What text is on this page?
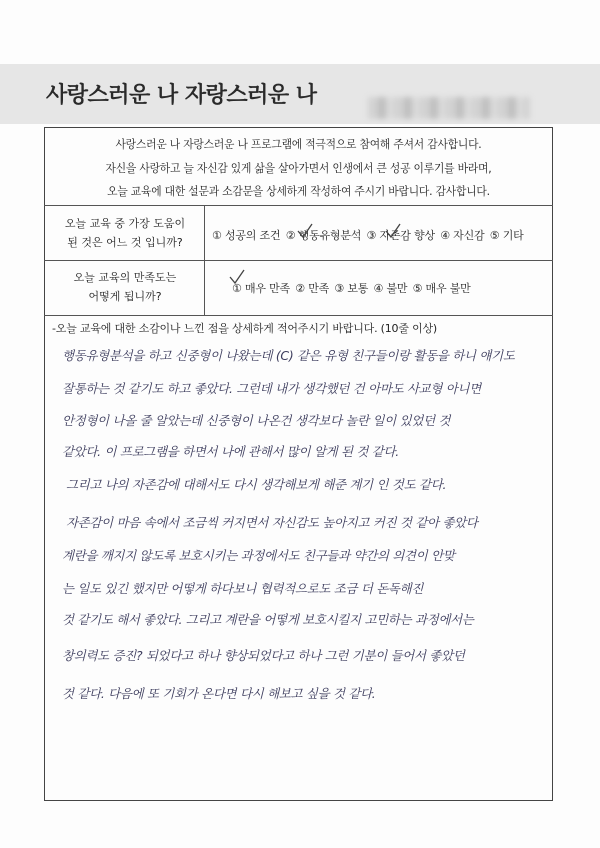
사랑스러운 나 자랑스러운 나
사랑스러운 나 자랑스러운 나 프로그램에 적극적으로 참여해 주셔서 감사합니다.
자신을 사랑하고 늘 자신감 있게 삶을 살아가면서 인생에서 큰 성공 이루기를 바라며,
오늘 교육에 대한 설문과 소감문을 상세하게 작성하여 주시기 바랍니다. 감사합니다.
오늘 교육 중 가장 도움이
된 것은 어느 것 입니까?
① 성공의 조건 ② 행동유형분석 ③ 자존감 향상 ④ 자신감 ⑤ 기타
오늘 교육의 만족도는
어떻게 됩니까?
① 매우 만족 ② 만족 ③ 보통 ④ 불만 ⑤ 매우 불만
-오늘 교육에 대한 소감이나 느낀 점을 상세하게 적어주시기 바랍니다. (10줄 이상)
행동유형분석을 하고 신중형이 나왔는데 (C) 같은 유형 친구들이랑 활동을 하니 얘기도
잘통하는 것 같기도 하고 좋았다. 그런데 내가 생각했던 건 아마도 사교형 아니면
안정형이 나올 줄 알았는데 신중형이 나온건 생각보다 놀란 일이 있었던 것
같았다. 이 프로그램을 하면서 나에 관해서 많이 알게 된 것 같다.
그리고 나의 자존감에 대해서도 다시 생각해보게 해준 계기 인 것도 같다.
자존감이 마음 속에서 조금씩 커지면서 자신감도 높아지고 커진 것 같아 좋았다
계란을 깨지지 않도록 보호시키는 과정에서도 친구들과 약간의 의견이 안맞
는 일도 있긴 했지만 어떻게 하다보니 협력적으로도 조금 더 돈독해진
것 같기도 해서 좋았다. 그리고 계란을 어떻게 보호시킬지 고민하는 과정에서는
창의력도 증진? 되었다고 하나 향상되었다고 하나 그런 기분이 들어서 좋았던
것 같다. 다음에 또 기회가 온다면 다시 해보고 싶을 것 같다.
